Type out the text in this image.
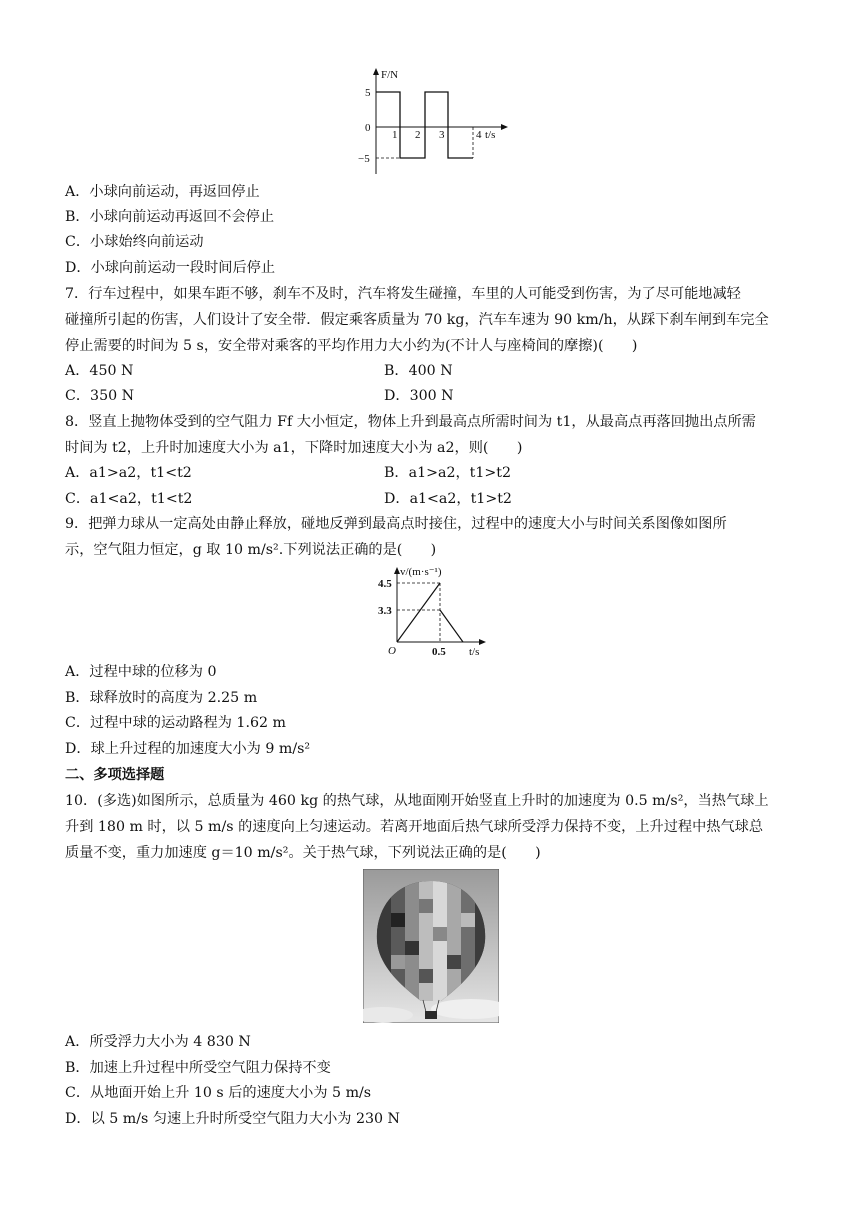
F/N
t/s
5
0
−5
1 2 3	4
A．小球向前运动，再返回停止
B．小球向前运动再返回不会停止
C．小球始终向前运动
D．小球向前运动一段时间后停止
7．行车过程中，如果车距不够，刹车不及时，汽车将发生碰撞，车里的人可能受到伤害，为了尽可能地减轻
碰撞所引起的伤害，人们设计了安全带．假定乘客质量为 70 kg，汽车车速为 90 km/h，从踩下刹车闸到车完全
停止需要的时间为 5 s，安全带对乘客的平均作用力大小约为(不计人与座椅间的摩擦)(　　)
A．450 N	B．400 N
C．350 N	D．300 N
8．竖直上抛物体受到的空气阻力 Ff 大小恒定，物体上升到最高点所需时间为 t1，从最高点再落回抛出点所需
时间为 t2，上升时加速度大小为 a1，下降时加速度大小为 a2，则(　　)
A．a1>a2，t1<t2	B．a1>a2，t1>t2
C．a1<a2，t1<t2	D．a1<a2，t1>t2
9．把弹力球从一定高处由静止释放，碰地反弹到最高点时接住，过程中的速度大小与时间关系图像如图所
示，空气阻力恒定，g 取 10 m/s².下列说法正确的是(　　)
v/(m·s⁻¹)
4.5
3.3
O	0.5 t/s
A．过程中球的位移为 0
B．球释放时的高度为 2.25 m
C．过程中球的运动路程为 1.62 m
D．球上升过程的加速度大小为 9 m/s²
二、多项选择题
10．(多选)如图所示，总质量为 460 kg 的热气球，从地面刚开始竖直上升时的加速度为 0.5 m/s²，当热气球上
升到 180 m 时，以 5 m/s 的速度向上匀速运动。若离开地面后热气球所受浮力保持不变，上升过程中热气球总
质量不变，重力加速度 g＝10 m/s²。关于热气球，下列说法正确的是(　　)
A．所受浮力大小为 4 830 N
B．加速上升过程中所受空气阻力保持不变
C．从地面开始上升 10 s 后的速度大小为 5 m/s
D．以 5 m/s 匀速上升时所受空气阻力大小为 230 N
